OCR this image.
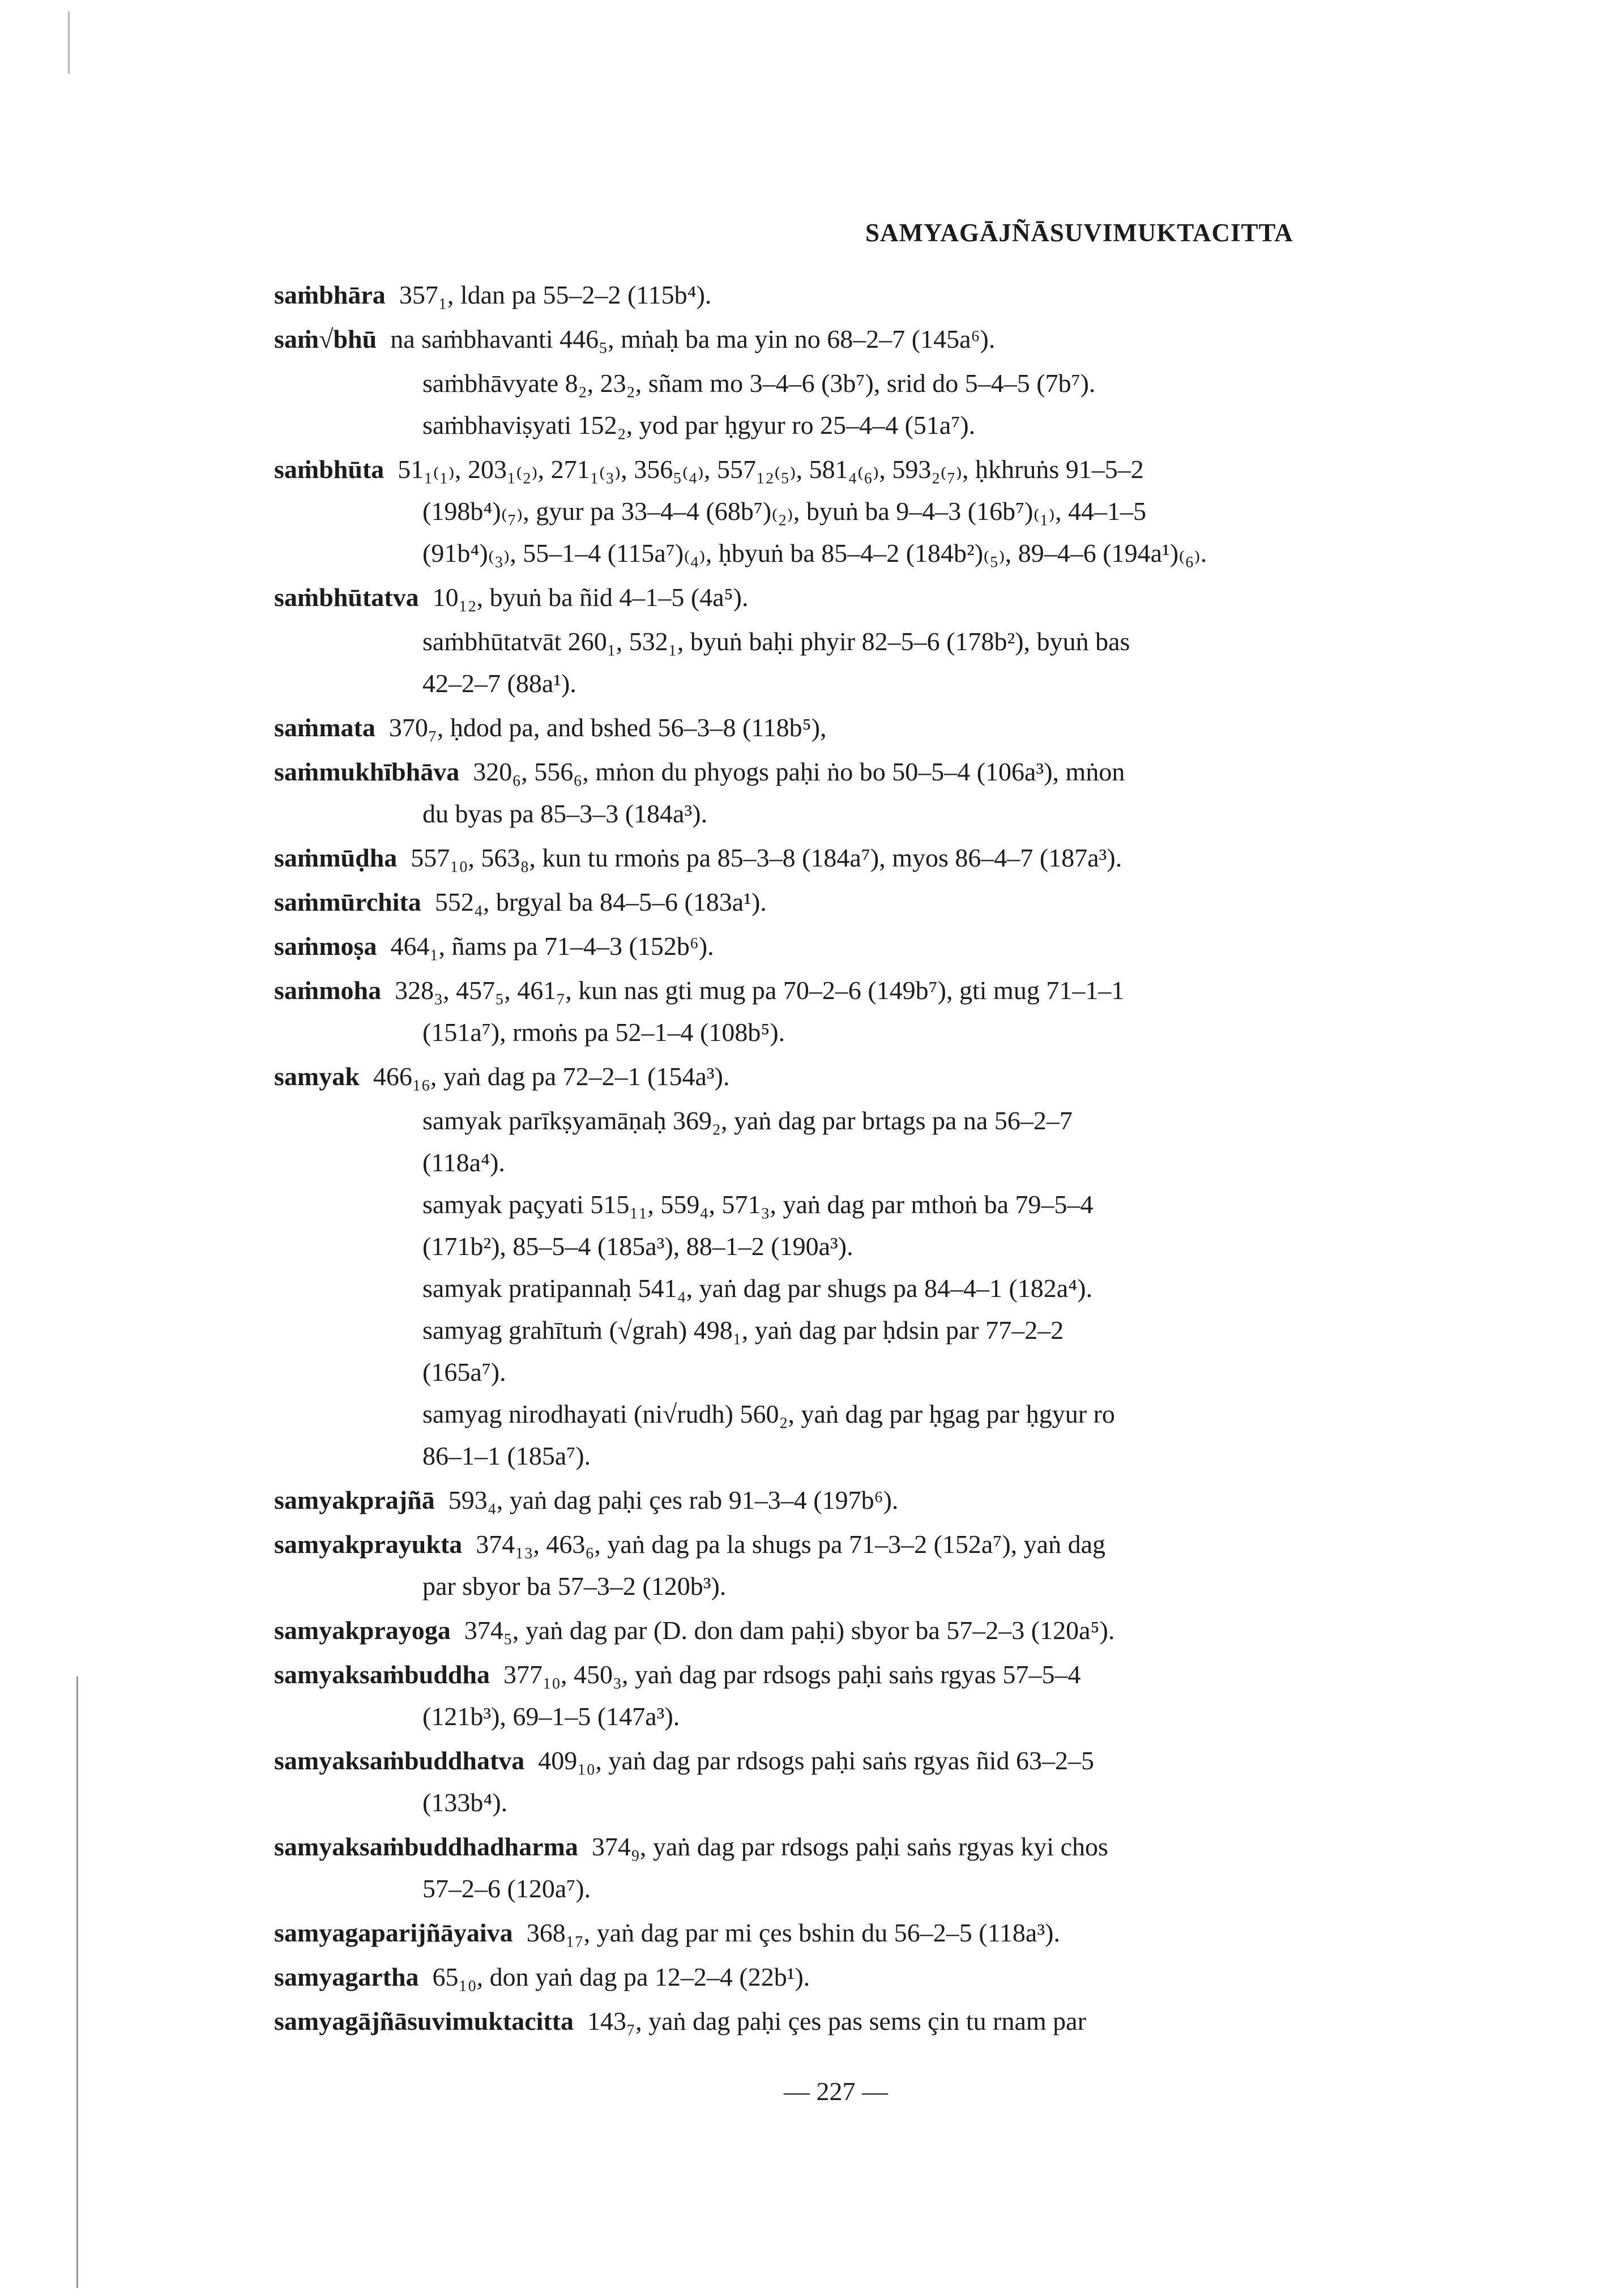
SAMYAGĀJÑĀSUVIMUKTACITTA
saṁbhāra 357₁, ldan pa 55–2–2 (115b⁴).
saṁ√bhū na saṁbhavanti 446₅, mṅaḥ ba ma yin no 68–2–7 (145a⁶).
saṁbhāvyate 8₂, 23₂, sñam mo 3–4–6 (3b⁷), srid do 5–4–5 (7b⁷).
saṁbhaviṣyati 152₂, yod par ḥgyur ro 25–4–4 (51a⁷).
saṁbhūta 51₁₍₁₎, 203₁₍₂₎, 271₁₍₃₎, 356₅₍₄₎, 557₁₂₍₅₎, 581₄₍₆₎, 593₂₍₇₎, ḥkhruṅs 91–5–2
(198b⁴)₍₇₎, gyur pa 33–4–4 (68b⁷)₍₂₎, byuṅ ba 9–4–3 (16b⁷)₍₁₎, 44–1–5
(91b⁴)₍₃₎, 55–1–4 (115a⁷)₍₄₎, ḥbyuṅ ba 85–4–2 (184b²)₍₅₎, 89–4–6 (194a¹)₍₆₎.
saṁbhūtatva 10₁₂, byuṅ ba ñid 4–1–5 (4a⁵).
saṁbhūtatvāt 260₁, 532₁, byuṅ baḥi phyir 82–5–6 (178b²), byuṅ bas
42–2–7 (88a¹).
saṁmata 370₇, ḥdod pa, and bshed 56–3–8 (118b⁵),
saṁmukhībhāva 320₆, 556₆, mṅon du phyogs paḥi ṅo bo 50–5–4 (106a³), mṅon
du byas pa 85–3–3 (184a³).
saṁmūḍha 557₁₀, 563₈, kun tu rmoṅs pa 85–3–8 (184a⁷), myos 86–4–7 (187a³).
saṁmūrchita 552₄, brgyal ba 84–5–6 (183a¹).
saṁmoṣa 464₁, ñams pa 71–4–3 (152b⁶).
saṁmoha 328₃, 457₅, 461₇, kun nas gti mug pa 70–2–6 (149b⁷), gti mug 71–1–1
(151a⁷), rmoṅs pa 52–1–4 (108b⁵).
samyak 466₁₆, yaṅ dag pa 72–2–1 (154a³).
samyak parīkṣyamāṇaḥ 369₂, yaṅ dag par brtags pa na 56–2–7
(118a⁴).
samyak paçyati 515₁₁, 559₄, 571₃, yaṅ dag par mthoṅ ba 79–5–4
(171b²), 85–5–4 (185a³), 88–1–2 (190a³).
samyak pratipannaḥ 541₄, yaṅ dag par shugs pa 84–4–1 (182a⁴).
samyag grahītuṁ (√grah) 498₁, yaṅ dag par ḥdsin par 77–2–2
(165a⁷).
samyag nirodhayati (ni√rudh) 560₂, yaṅ dag par ḥgag par ḥgyur ro
86–1–1 (185a⁷).
samyakprajñā 593₄, yaṅ dag paḥi çes rab 91–3–4 (197b⁶).
samyakprayukta 374₁₃, 463₆, yaṅ dag pa la shugs pa 71–3–2 (152a⁷), yaṅ dag
par sbyor ba 57–3–2 (120b³).
samyakprayoga 374₅, yaṅ dag par (D. don dam paḥi) sbyor ba 57–2–3 (120a⁵).
samyaksaṁbuddha 377₁₀, 450₃, yaṅ dag par rdsogs paḥi saṅs rgyas 57–5–4
(121b³), 69–1–5 (147a³).
samyaksaṁbuddhatva 409₁₀, yaṅ dag par rdsogs paḥi saṅs rgyas ñid 63–2–5
(133b⁴).
samyaksaṁbuddhadharma 374₉, yaṅ dag par rdsogs paḥi saṅs rgyas kyi chos
57–2–6 (120a⁷).
samyagaparijñāyaiva 368₁₇, yaṅ dag par mi çes bshin du 56–2–5 (118a³).
samyagartha 65₁₀, don yaṅ dag pa 12–2–4 (22b¹).
samyagājñāsuvimuktacitta 143₇, yaṅ dag paḥi çes pas sems çin tu rnam par
— 227 —
